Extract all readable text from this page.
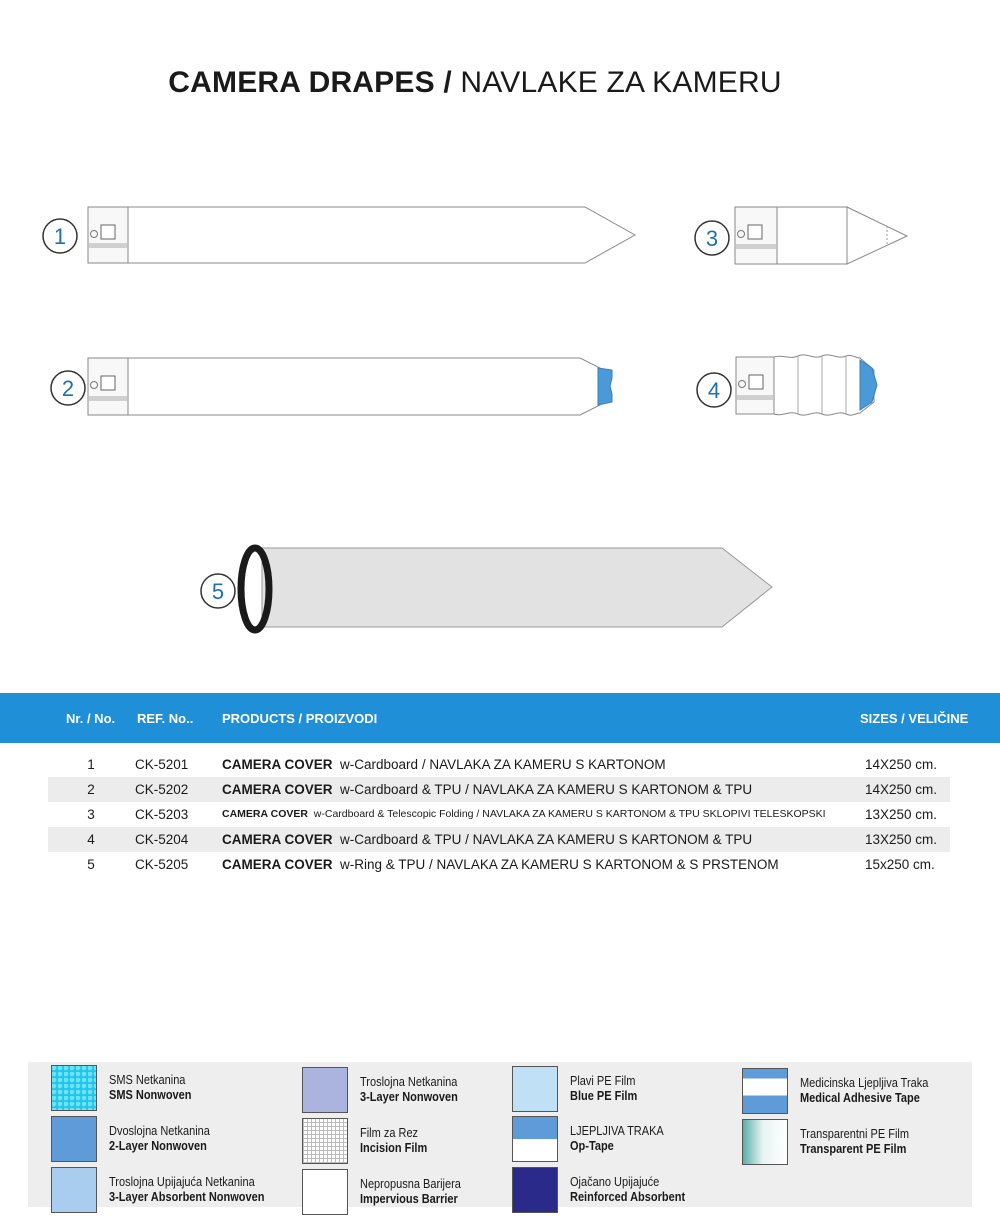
CAMERA DRAPES / NAVLAKE ZA KAMERU
1
2
3
4
5
Nr. / No. REF. No.. PRODUCTS / PROIZVODI	SIZES / VELIČINE
1	CK-5201 CAMERA COVER w-Cardboard / NAVLAKA ZA KAMERU S KARTONOM	14X250 cm.
2	CK-5202 CAMERA COVER w-Cardboard & TPU / NAVLAKA ZA KAMERU S KARTONOM & TPU	14X250 cm.
3	CK-5203	CAMERA COVER w-Cardboard & Telescopic Folding / NAVLAKA ZA KAMERU S KARTONOM & TPU SKLOPIVI TELESKOPSKI	13X250 cm.
4	CK-5204 CAMERA COVER w-Cardboard & TPU / NAVLAKA ZA KAMERU S KARTONOM & TPU	13X250 cm.
5	CK-5205 CAMERA COVER w-Ring & TPU / NAVLAKA ZA KAMERU S KARTONOM & S PRSTENOM	15x250 cm.
SMS Netkanina
SMS Nonwoven
Dvoslojna Netkanina
2-Layer Nonwoven
Troslojna Upijajuća Netkanina
3-Layer Absorbent Nonwoven
Troslojna Netkanina
3-Layer Nonwoven
Film za Rez
Incision Film
Nepropusna Barijera
Impervious Barrier
Plavi PE Film
Blue PE Film
LJEPLJIVA TRAKA
Op-Tape
Ojačano Upijajuće
Reinforced Absorbent
Medicinska Ljepljiva Traka
Medical Adhesive Tape
Transparentni PE Film
Transparent PE Film
